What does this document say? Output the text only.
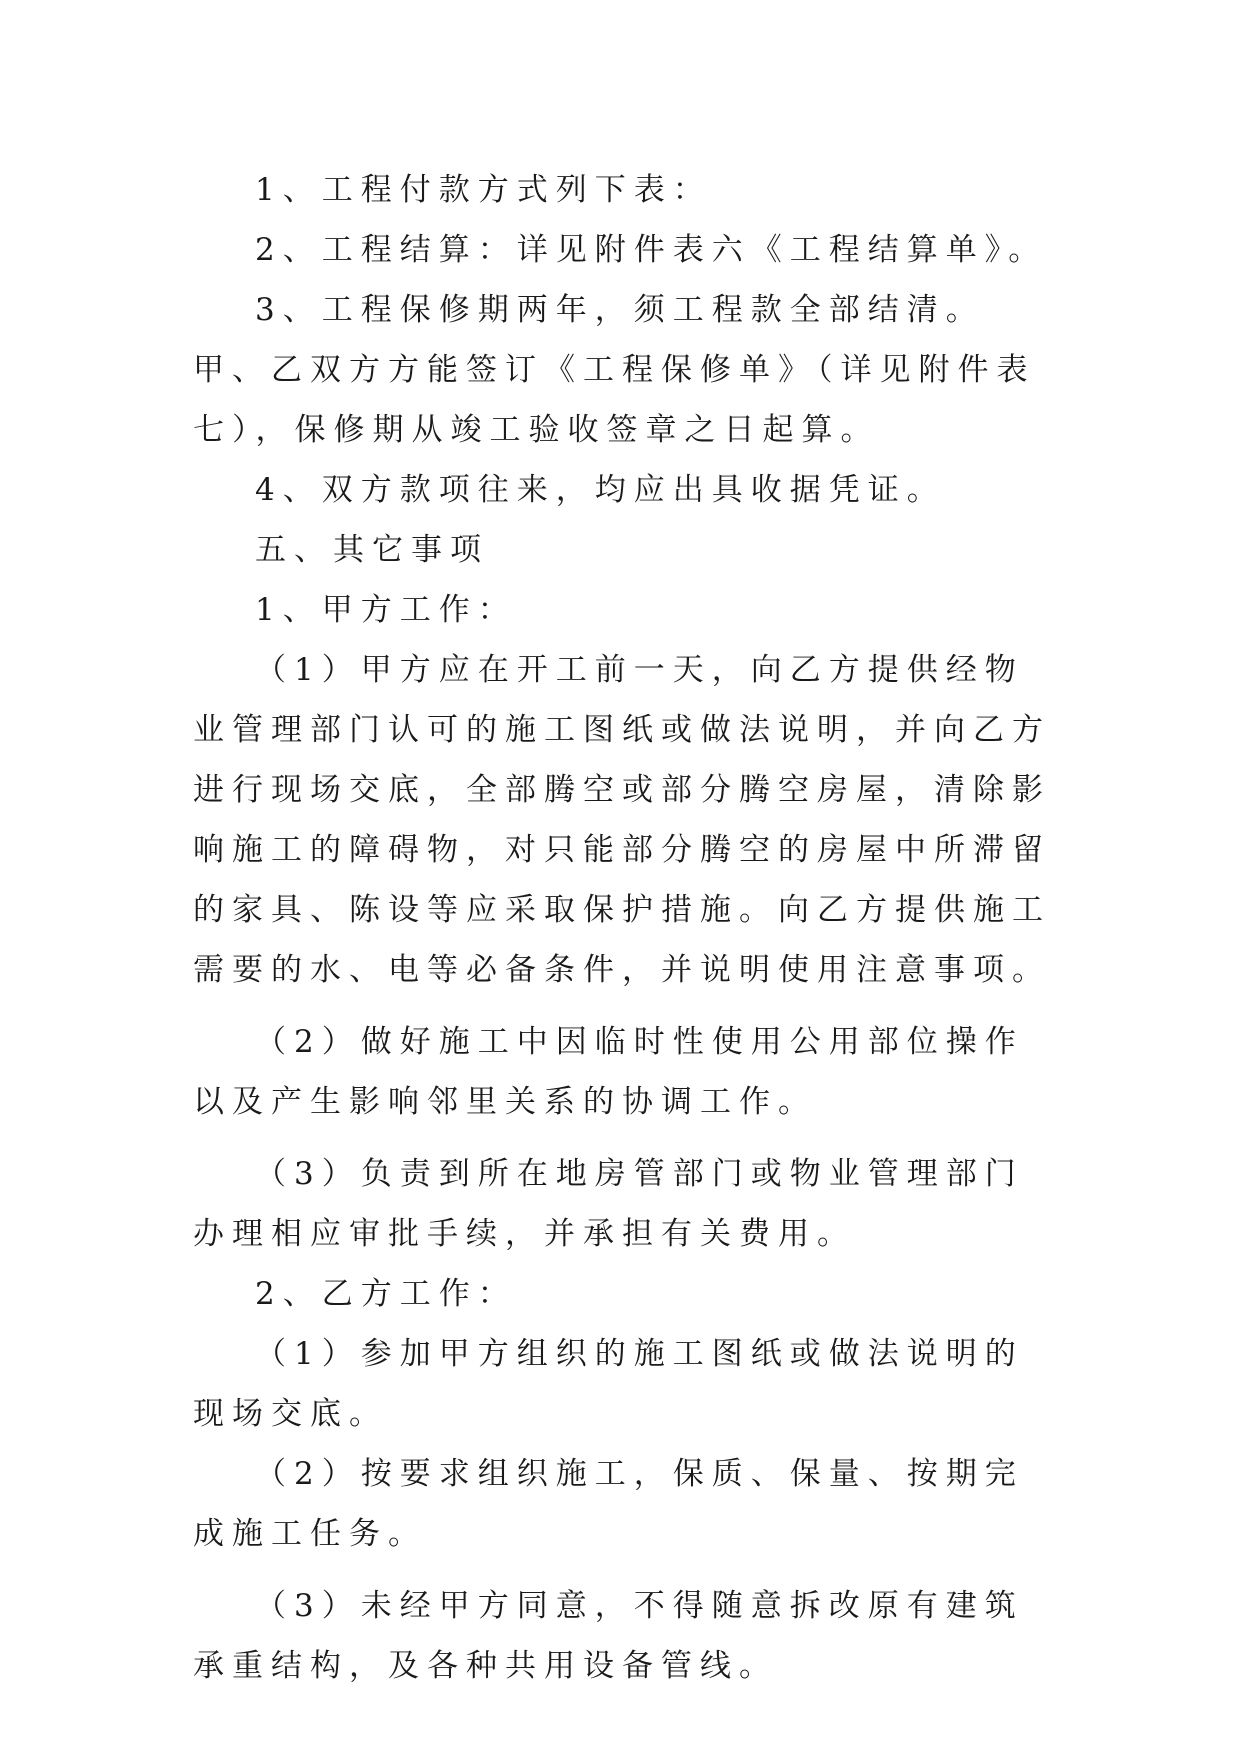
1、工程付款方式列下表：

2、工程结算：详见附件表六《工程结算单》。

3、工程保修期两年，须工程款全部结清。甲、乙双方方能签订《工程保修单》（详见附件表七），保修期从竣工验收签章之日起算。

4、双方款项往来，均应出具收据凭证。

五、其它事项

1、甲方工作：

（1）甲方应在开工前一天，向乙方提供经物业管理部门认可的施工图纸或做法说明，并向乙方进行现场交底，全部腾空或部分腾空房屋，清除影响施工的障碍物，对只能部分腾空的房屋中所滞留的家具、陈设等应采取保护措施。向乙方提供施工需要的水、电等必备条件，并说明使用注意事项。

（2）做好施工中因临时性使用公用部位操作以及产生影响邻里关系的协调工作。

（3）负责到所在地房管部门或物业管理部门办理相应审批手续，并承担有关费用。

2、乙方工作：

（1）参加甲方组织的施工图纸或做法说明的现场交底。

（2）按要求组织施工，保质、保量、按期完成施工任务。

（3）未经甲方同意，不得随意拆改原有建筑承重结构，及各种共用设备管线。
